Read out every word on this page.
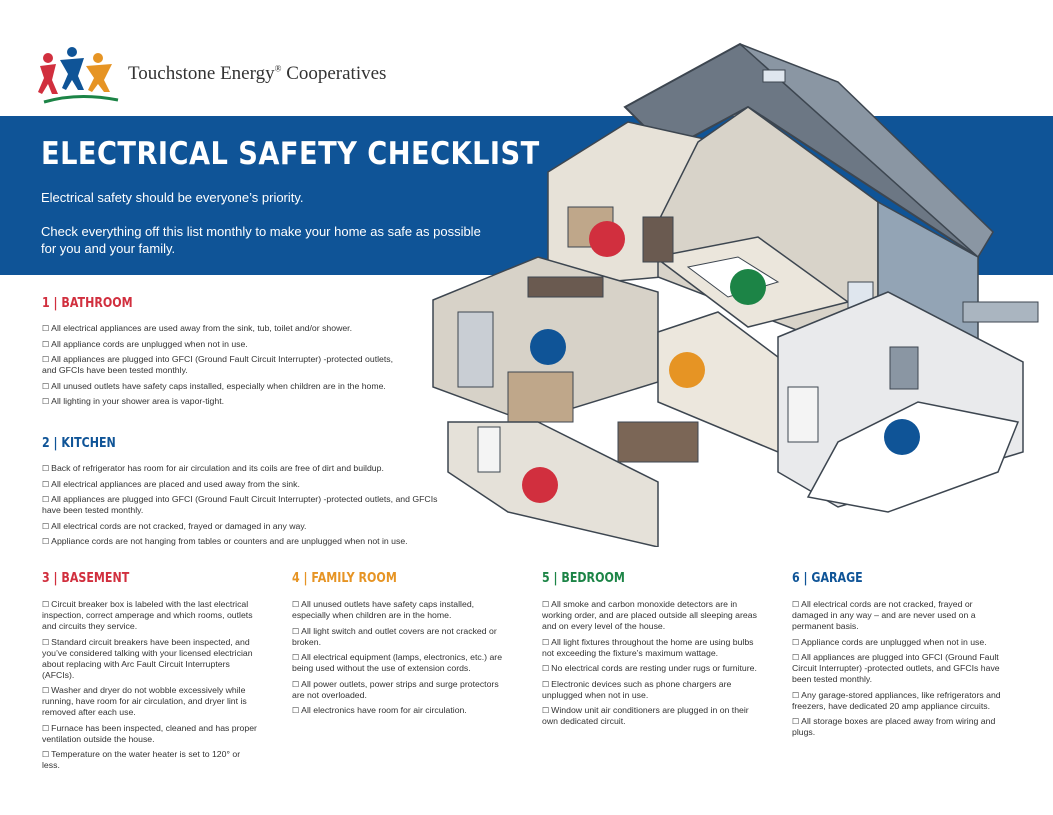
Touchstone Energy® Cooperatives
ELECTRICAL SAFETY CHECKLIST
Electrical safety should be everyone’s priority.
Check everything off this list monthly to make your home as safe as possible for you and your family.
1 | BATHROOM
☐ All electrical appliances are used away from the sink, tub, toilet and/or shower.
☐ All appliance cords are unplugged when not in use.
☐ All appliances are plugged into GFCI (Ground Fault Circuit Interrupter) -protected outlets, and GFCIs have been tested monthly.
☐ All unused outlets have safety caps installed, especially when children are in the home.
☐ All lighting in your shower area is vapor-tight.
2 | KITCHEN
☐ Back of refrigerator has room for air circulation and its coils are free of dirt and buildup.
☐ All electrical appliances are placed and used away from the sink.
☐ All appliances are plugged into GFCI (Ground Fault Circuit Interrupter) -protected outlets, and GFCIs have been tested monthly.
☐ All electrical cords are not cracked, frayed or damaged in any way.
☐ Appliance cords are not hanging from tables or counters and are unplugged when not in use.
3 | BASEMENT
☐ Circuit breaker box is labeled with the last electrical inspection, correct amperage and which rooms, outlets and circuits they service.
☐ Standard circuit breakers have been inspected, and you’ve considered talking with your licensed electrician about replacing with Arc Fault Circuit Interrupters (AFCIs).
☐ Washer and dryer do not wobble excessively while running, have room for air circulation, and dryer lint is removed after each use.
☐ Furnace has been inspected, cleaned and has proper ventilation outside the house.
☐ Temperature on the water heater is set to 120° or less.
4 | FAMILY ROOM
☐ All unused outlets have safety caps installed, especially when children are in the home.
☐ All light switch and outlet covers are not cracked or broken.
☐ All electrical equipment (lamps, electronics, etc.) are being used without the use of extension cords.
☐ All power outlets, power strips and surge protectors are not overloaded.
☐ All electronics have room for air circulation.
5 | BEDROOM
☐ All smoke and carbon monoxide detectors are in working order, and are placed outside all sleeping areas and on every level of the house.
☐ All light fixtures throughout the home are using bulbs not exceeding the fixture’s maximum wattage.
☐ No electrical cords are resting under rugs or furniture.
☐ Electronic devices such as phone chargers are unplugged when not in use.
☐ Window unit air conditioners are plugged in on their own dedicated circuit.
6 | GARAGE
☐ All electrical cords are not cracked, frayed or damaged in any way – and are never used on a permanent basis.
☐ Appliance cords are unplugged when not in use.
☐ All appliances are plugged into GFCI (Ground Fault Circuit Interrupter) -protected outlets, and GFCIs have been tested monthly.
☐ Any garage-stored appliances, like refrigerators and freezers, have dedicated 20 amp appliance circuits.
☐ All storage boxes are placed away from wiring and plugs.
